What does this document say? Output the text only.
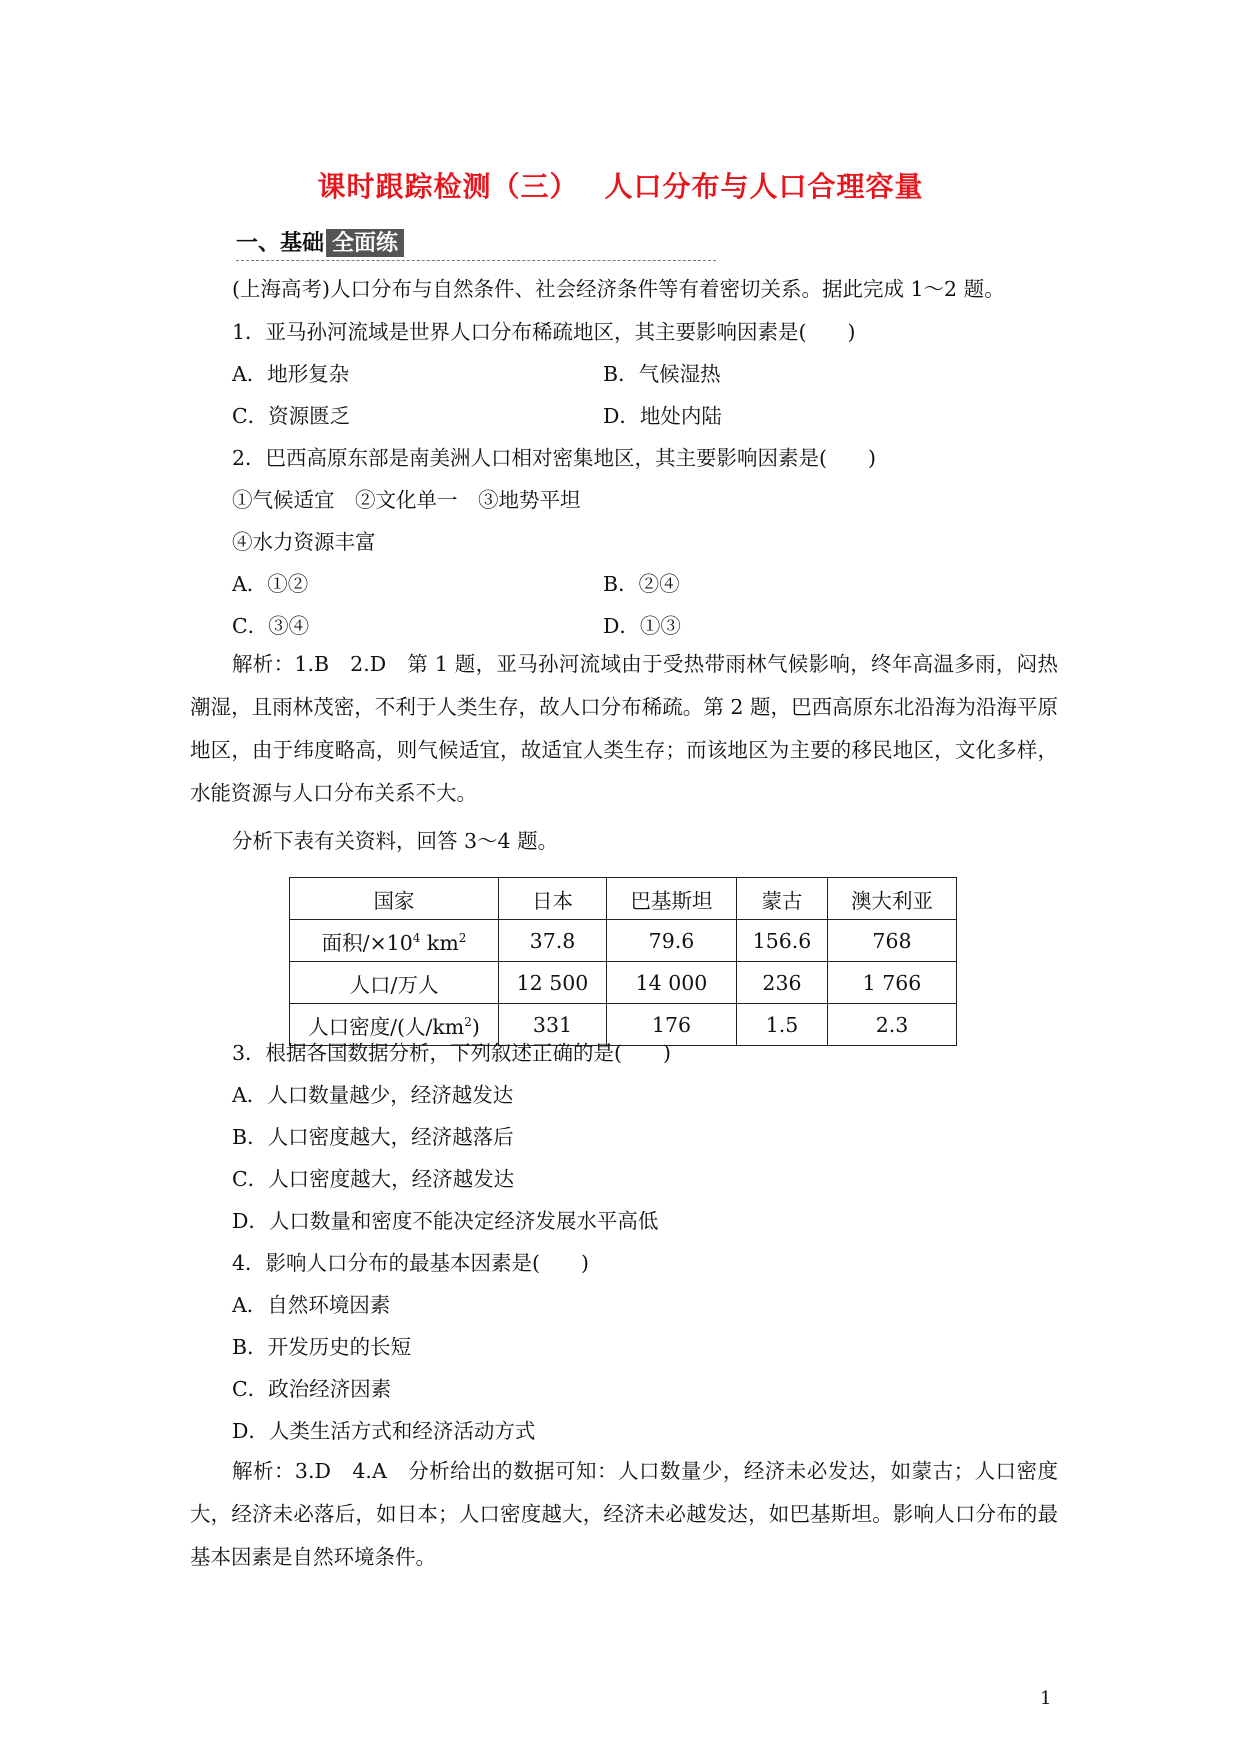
课时跟踪检测（三） 人口分布与人口合理容量
一、基础 全面练
(上海高考)人口分布与自然条件、社会经济条件等有着密切关系。据此完成 1～2 题。
1．亚马孙河流域是世界人口分布稀疏地区，其主要影响因素是(　　)
A．地形复杂	B．气候湿热
C．资源匮乏	D．地处内陆
2．巴西高原东部是南美洲人口相对密集地区，其主要影响因素是(　　)
①气候适宜　②文化单一　③地势平坦
④水力资源丰富
A．①②	B．②④
C．③④	D．①③
解析：1.B　2.D　第 1 题，亚马孙河流域由于受热带雨林气候影响，终年高温多雨，闷热潮湿，且雨林茂密，不利于人类生存，故人口分布稀疏。第 2 题，巴西高原东北沿海为沿海平原地区，由于纬度略高，则气候适宜，故适宜人类生存；而该地区为主要的移民地区，文化多样，水能资源与人口分布关系不大。
分析下表有关资料，回答 3～4 题。
国家	日本	巴基斯坦	蒙古	澳大利亚
面积$/\times 10^4$ $km^2$	37.8	79.6	156.6	768
人口/万人	12 500	14 000	236	1 766
人口密度/(人$/km^2$)	331	176	1.5	2.3
3．根据各国数据分析，下列叙述正确的是(　　)
A．人口数量越少，经济越发达
B．人口密度越大，经济越落后
C．人口密度越大，经济越发达
D．人口数量和密度不能决定经济发展水平高低
4．影响人口分布的最基本因素是(　　)
A．自然环境因素
B．开发历史的长短
C．政治经济因素
D．人类生活方式和经济活动方式
解析：3.D　4.A　分析给出的数据可知：人口数量少，经济未必发达，如蒙古；人口密度大，经济未必落后，如日本；人口密度越大，经济未必越发达，如巴基斯坦。影响人口分布的最基本因素是自然环境条件。
1
